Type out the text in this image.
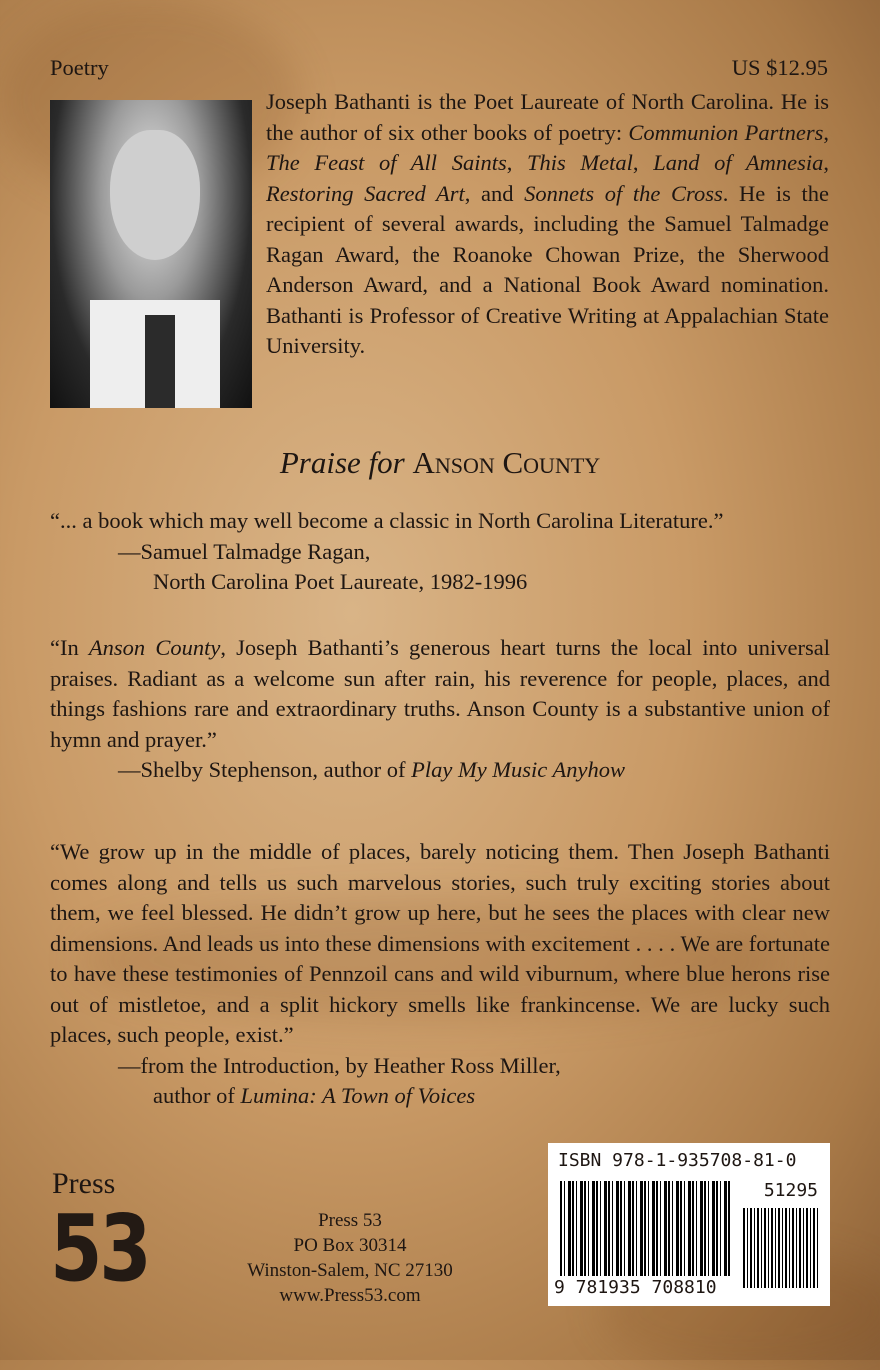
Poetry	US $12.95
Joseph Bathanti is the Poet Laureate of North Carolina. He is the author of six other books of poetry: Communion Partners, The Feast of All Saints, This Metal, Land of Amnesia, Restoring Sacred Art, and Sonnets of the Cross. He is the recipient of several awards, including the Samuel Talmadge Ragan Award, the Roanoke Chowan Prize, the Sherwood Anderson Award, and a National Book Award nomination. Bathanti is Professor of Creative Writing at Appalachian State University.
Praise for Anson County
“... a book which may well become a classic in North Carolina Literature.”
—Samuel Talmadge Ragan,
North Carolina Poet Laureate, 1982-1996
“In Anson County, Joseph Bathanti’s generous heart turns the local into universal praises. Radiant as a welcome sun after rain, his reverence for people, places, and things fashions rare and extraordinary truths. Anson County is a substantive union of hymn and prayer.”
—Shelby Stephenson, author of Play My Music Anyhow
“We grow up in the middle of places, barely noticing them. Then Joseph Bathanti comes along and tells us such marvelous stories, such truly exciting stories about them, we feel blessed. He didn’t grow up here, but he sees the places with clear new dimensions. And leads us into these dimensions with excitement . . . . We are fortunate to have these testimonies of Pennzoil cans and wild viburnum, where blue herons rise out of mistletoe, and a split hickory smells like frankincense. We are lucky such places, such people, exist.”
—from the Introduction, by Heather Ross Miller,
author of Lumina: A Town of Voices
Press
53	Press 53
PO Box 30314
Winston-Salem, NC 27130
www.Press53.com
ISBN 978-1-935708-81-0
51295
9 781935 708810
